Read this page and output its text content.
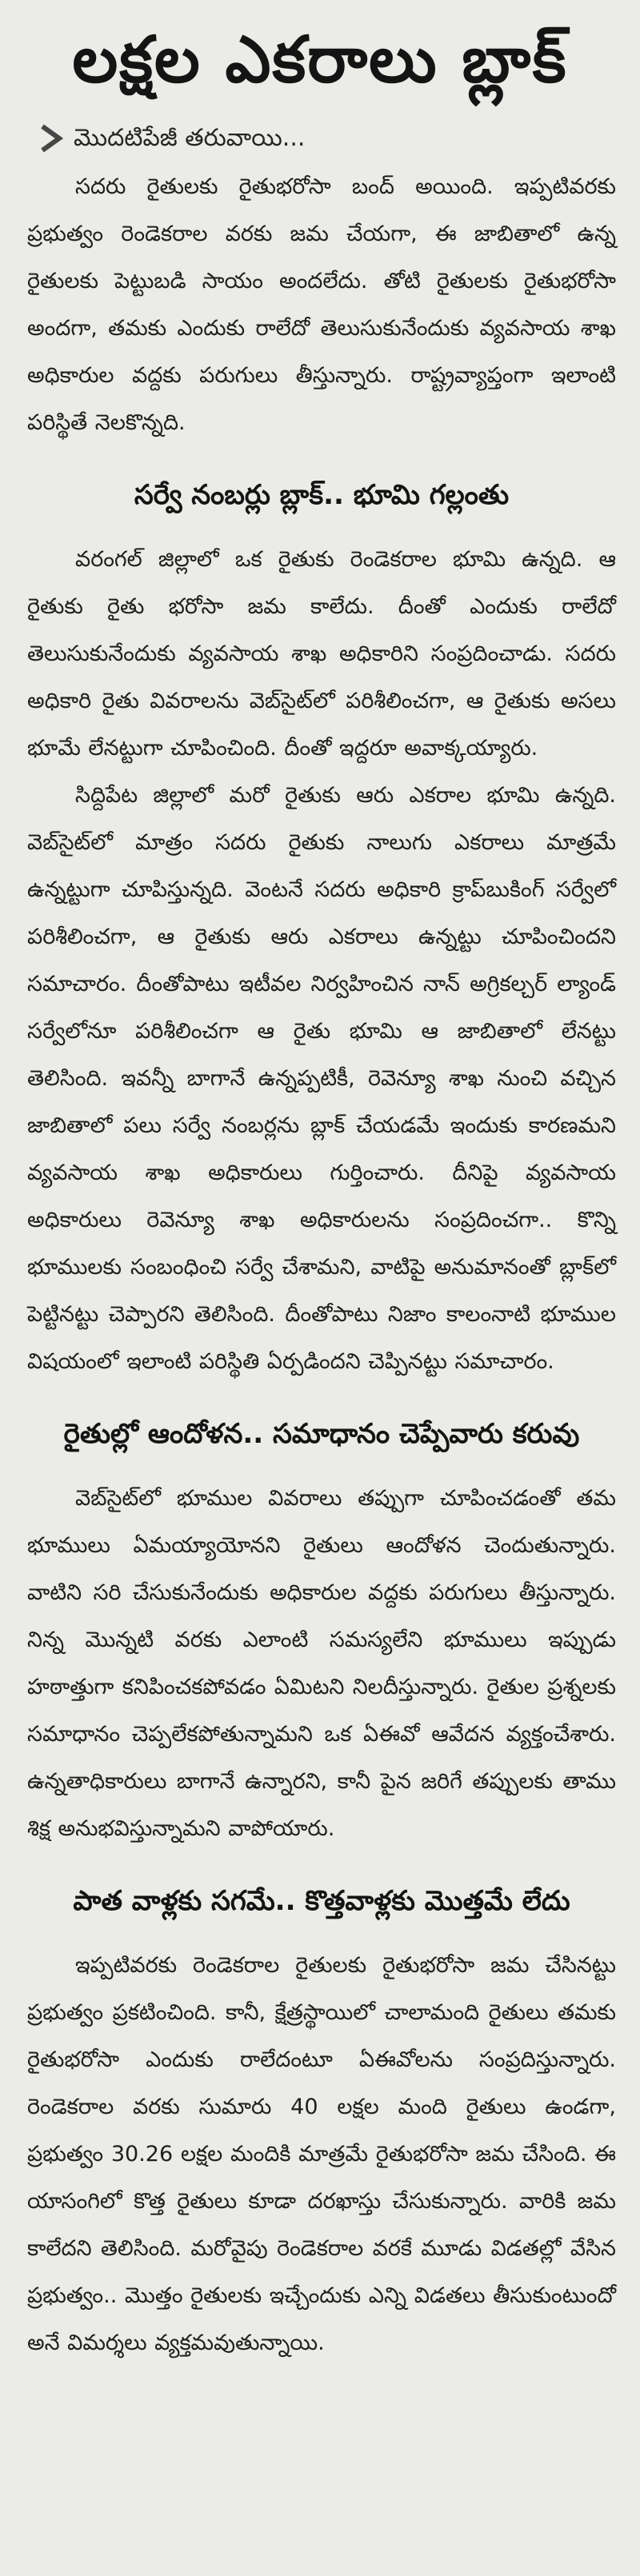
లక్షల ఎకరాలు బ్లాక్
మొదటిపేజీ తరువాయి...

సదరు రైతులకు రైతుభరోసా బంద్ అయింది. ఇప్పటివరకు ప్రభుత్వం రెండెకరాల వరకు జమ చేయగా, ఈ జాబితాలో ఉన్న రైతులకు పెట్టుబడి సాయం అందలేదు. తోటి రైతులకు రైతుభరోసా అందగా, తమకు ఎందుకు రాలేదో తెలుసుకునేందుకు వ్యవసాయ శాఖ అధికారుల వద్దకు పరుగులు తీస్తున్నారు. రాష్ట్రవ్యాప్తంగా ఇలాంటి పరిస్థితే నెలకొన్నది.

సర్వే నంబర్లు బ్లాక్.. భూమి గల్లంతు

వరంగల్ జిల్లాలో ఒక రైతుకు రెండెకరాల భూమి ఉన్నది. ఆ రైతుకు రైతు భరోసా జమ కాలేదు. దీంతో ఎందుకు రాలేదో తెలుసుకునేందుకు వ్యవసాయ శాఖ అధికారిని సంప్రదించాడు. సదరు అధికారి రైతు వివరాలను వెబ్‌సైట్‌లో పరిశీలించగా, ఆ రైతుకు అసలు భూమే లేనట్టుగా చూపించింది. దీంతో ఇద్దరూ అవాక్కయ్యారు.

సిద్దిపేట జిల్లాలో మరో రైతుకు ఆరు ఎకరాల భూమి ఉన్నది. వెబ్‌సైట్‌లో మాత్రం సదరు రైతుకు నాలుగు ఎకరాలు మాత్రమే ఉన్నట్టుగా చూపిస్తున్నది. వెంటనే సదరు అధికారి క్రాప్‌బుకింగ్ సర్వేలో పరిశీలించగా, ఆ రైతుకు ఆరు ఎకరాలు ఉన్నట్టు చూపించిందని సమాచారం. దీంతోపాటు ఇటీవల నిర్వహించిన నాన్ అగ్రికల్చర్ ల్యాండ్ సర్వేలోనూ పరిశీలించగా ఆ రైతు భూమి ఆ జాబితాలో లేనట్టు తెలిసింది. ఇవన్నీ బాగానే ఉన్నప్పటికీ, రెవెన్యూ శాఖ నుంచి వచ్చిన జాబితాలో పలు సర్వే నంబర్లను బ్లాక్ చేయడమే ఇందుకు కారణమని వ్యవసాయ శాఖ అధికారులు గుర్తించారు. దీనిపై వ్యవసాయ అధికారులు రెవెన్యూ శాఖ అధికారులను సంప్రదించగా.. కొన్ని భూములకు సంబంధించి సర్వే చేశామని, వాటిపై అనుమానంతో బ్లాక్‌లో పెట్టినట్టు చెప్పారని తెలిసింది. దీంతోపాటు నిజాం కాలంనాటి భూముల విషయంలో ఇలాంటి పరిస్థితి ఏర్పడిందని చెప్పినట్టు సమాచారం.

రైతుల్లో ఆందోళన.. సమాధానం చెప్పేవారు కరువు

వెబ్‌సైట్‌లో భూముల వివరాలు తప్పుగా చూపించడంతో తమ భూములు ఏమయ్యాయోనని రైతులు ఆందోళన చెందుతున్నారు. వాటిని సరి చేసుకునేందుకు అధికారుల వద్దకు పరుగులు తీస్తున్నారు. నిన్న మొన్నటి వరకు ఎలాంటి సమస్యలేని భూములు ఇప్పుడు హఠాత్తుగా కనిపించకపోవడం ఏమిటని నిలదీస్తున్నారు. రైతుల ప్రశ్నలకు సమాధానం చెప్పలేకపోతున్నామని ఒక ఏఈవో ఆవేదన వ్యక్తంచేశారు. ఉన్నతాధికారులు బాగానే ఉన్నారని, కానీ పైన జరిగే తప్పులకు తాము శిక్ష అనుభవిస్తున్నామని వాపోయారు.

పాత వాళ్లకు సగమే.. కొత్తవాళ్లకు మొత్తమే లేదు

ఇప్పటివరకు రెండెకరాల రైతులకు రైతుభరోసా జమ చేసినట్టు ప్రభుత్వం ప్రకటించింది. కానీ, క్షేత్రస్థాయిలో చాలామంది రైతులు తమకు రైతుభరోసా ఎందుకు రాలేదంటూ ఏఈవోలను సంప్రదిస్తున్నారు. రెండెకరాల వరకు సుమారు 40 లక్షల మంది రైతులు ఉండగా, ప్రభుత్వం 30.26 లక్షల మందికి మాత్రమే రైతుభరోసా జమ చేసింది. ఈ యాసంగిలో కొత్త రైతులు కూడా దరఖాస్తు చేసుకున్నారు. వారికి జమ కాలేదని తెలిసింది. మరోవైపు రెండెకరాల వరకే మూడు విడతల్లో వేసిన ప్రభుత్వం.. మొత్తం రైతులకు ఇచ్చేందుకు ఎన్ని విడతలు తీసుకుంటుందో అనే విమర్శలు వ్యక్తమవుతున్నాయి.
